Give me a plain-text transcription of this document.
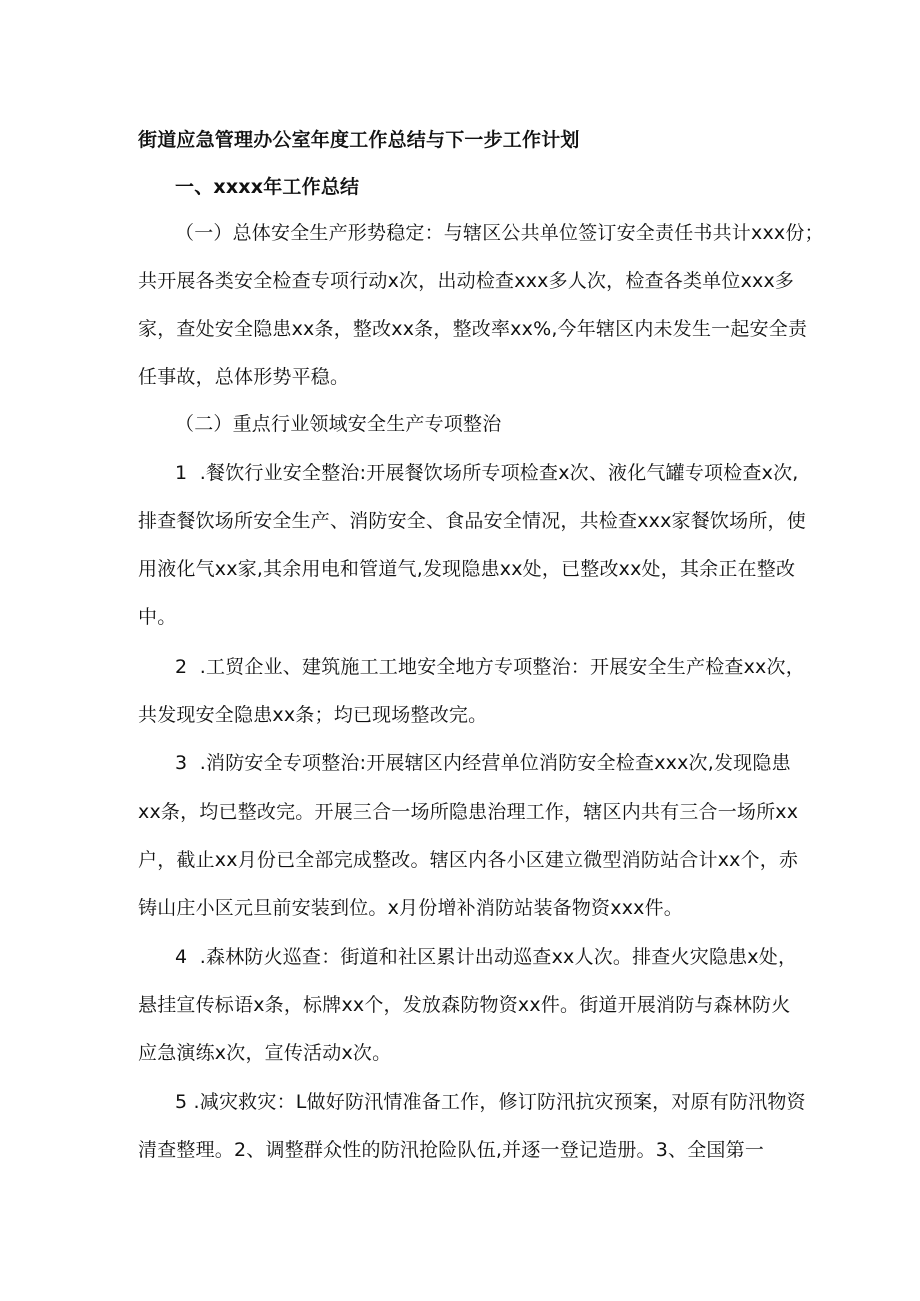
街道应急管理办公室年度工作总结与下一步工作计划
一、xxxx年工作总结
（一）总体安全生产形势稳定：与辖区公共单位签订安全责任书共计xxx份；
共开展各类安全检查专项行动x次，出动检查xxx多人次，检查各类单位xxx多
家，查处安全隐患xx条，整改xx条，整改率xx%,今年辖区内未发生一起安全责
任事故，总体形势平稳。
（二）重点行业领域安全生产专项整治
1  .餐饮行业安全整治:开展餐饮场所专项检查x次、液化气罐专项检查x次,
排查餐饮场所安全生产、消防安全、食品安全情况，共检查xxx家餐饮场所，使
用液化气xx家,其余用电和管道气,发现隐患xx处，已整改xx处，其余正在整改
中。
2  .工贸企业、建筑施工工地安全地方专项整治：开展安全生产检查xx次，
共发现安全隐患xx条；均已现场整改完。
3  .消防安全专项整治:开展辖区内经营单位消防安全检查xxx次,发现隐患
xx条，均已整改完。开展三合一场所隐患治理工作，辖区内共有三合一场所xx
户，截止xx月份已全部完成整改。辖区内各小区建立微型消防站合计xx个，赤
铸山庄小区元旦前安装到位。x月份增补消防站装备物资xxx件。
4  .森林防火巡查：街道和社区累计出动巡查xx人次。排查火灾隐患x处，
悬挂宣传标语x条，标牌xx个，发放森防物资xx件。街道开展消防与森林防火
应急演练x次，宣传活动x次。
5 .减灾救灾：L做好防汛情准备工作，修订防汛抗灾预案，对原有防汛物资
清查整理。2、调整群众性的防汛抢险队伍,并逐一登记造册。3、全国第一
